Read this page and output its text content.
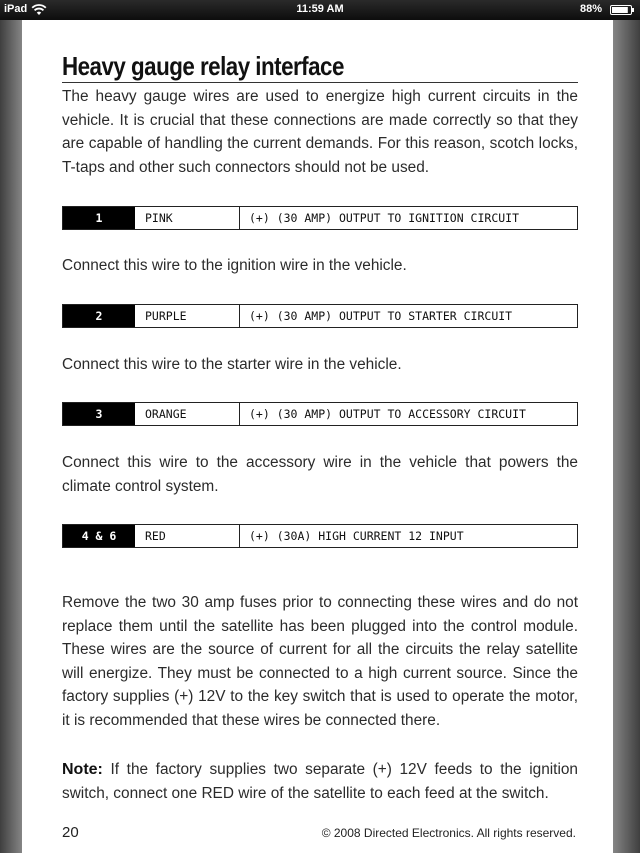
iPad	11:59 AM	88%
Heavy gauge relay interface
The heavy gauge wires are used to energize high current circuits in the vehicle. It is crucial that these connections are made correctly so that they are capable of handling the current demands. For this reason, scotch locks, T-taps and other such connectors should not be used.
1	PINK	(+) (30 AMP) OUTPUT TO IGNITION CIRCUIT
Connect this wire to the ignition wire in the vehicle.
2	PURPLE	(+) (30 AMP) OUTPUT TO STARTER CIRCUIT
Connect this wire to the starter wire in the vehicle.
3	ORANGE	(+) (30 AMP) OUTPUT TO ACCESSORY CIRCUIT
Connect this wire to the accessory wire in the vehicle that powers the climate control system.
4 & 6	RED	(+) (30A) HIGH CURRENT 12 INPUT
Remove the two 30 amp fuses prior to connecting these wires and do not replace them until the satellite has been plugged into the control module. These wires are the source of current for all the circuits the relay satellite will energize. They must be connected to a high current source. Since the factory supplies (+) 12V to the key switch that is used to operate the motor, it is recommended that these wires be connected there.
Note: If the factory supplies two separate (+) 12V feeds to the ignition switch, connect one RED wire of the satellite to each feed at the switch.
20	© 2008 Directed Electronics. All rights reserved.
